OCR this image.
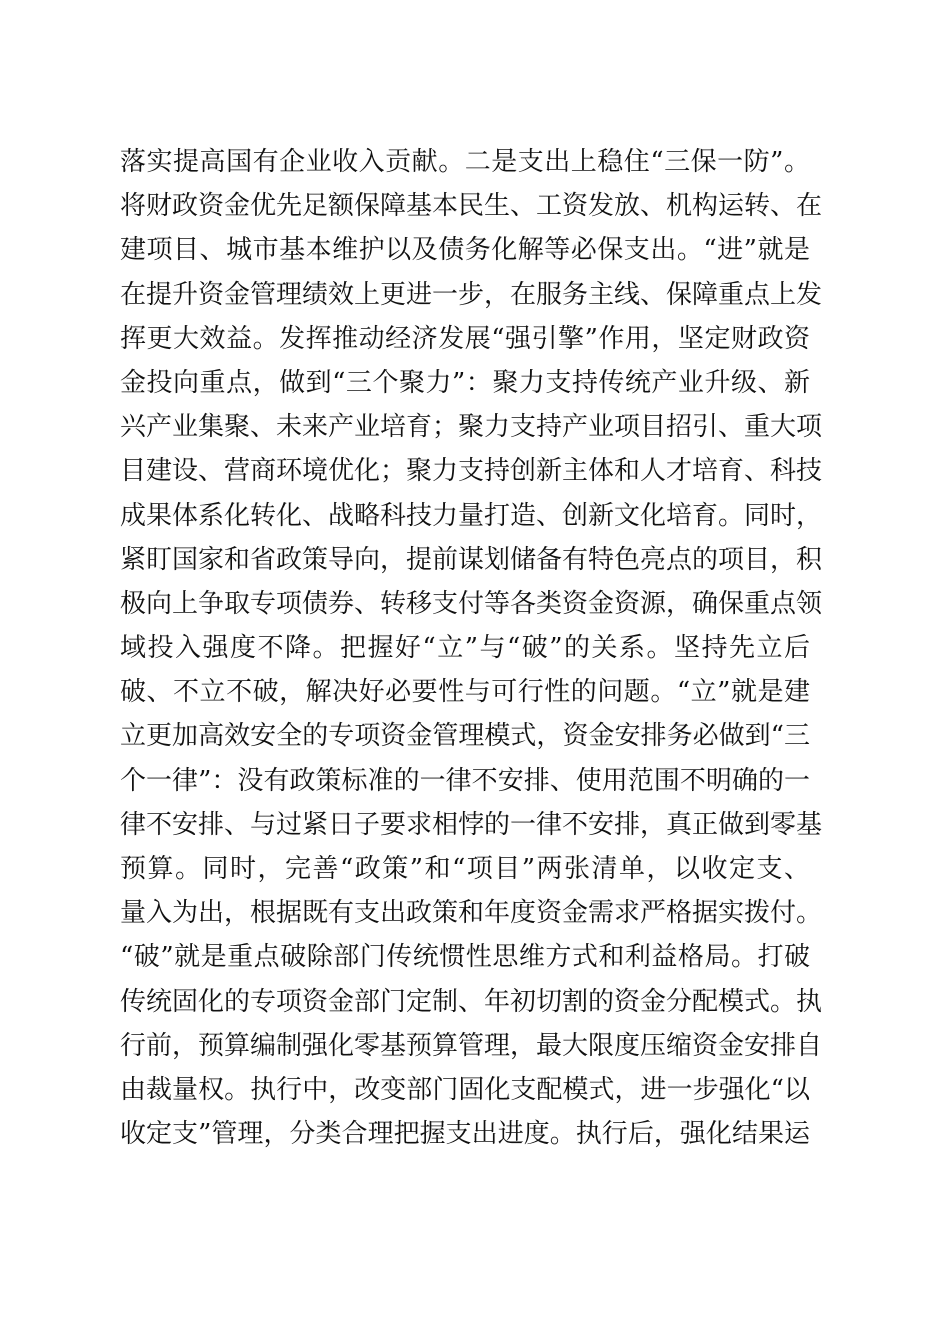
落实提高国有企业收入贡献。二是支出上稳住“三保一防”。
将财政资金优先足额保障基本民生、工资发放、机构运转、在
建项目、城市基本维护以及债务化解等必保支出。“进”就是
在提升资金管理绩效上更进一步，在服务主线、保障重点上发
挥更大效益。发挥推动经济发展“强引擎”作用，坚定财政资
金投向重点，做到“三个聚力”：聚力支持传统产业升级、新
兴产业集聚、未来产业培育；聚力支持产业项目招引、重大项
目建设、营商环境优化；聚力支持创新主体和人才培育、科技
成果体系化转化、战略科技力量打造、创新文化培育。同时，
紧盯国家和省政策导向，提前谋划储备有特色亮点的项目，积
极向上争取专项债券、转移支付等各类资金资源，确保重点领
域投入强度不降。把握好“立”与“破”的关系。坚持先立后
破、不立不破，解决好必要性与可行性的问题。“立”就是建
立更加高效安全的专项资金管理模式，资金安排务必做到“三
个一律”：没有政策标准的一律不安排、使用范围不明确的一
律不安排、与过紧日子要求相悖的一律不安排，真正做到零基
预算。同时，完善“政策”和“项目”两张清单，以收定支、
量入为出，根据既有支出政策和年度资金需求严格据实拨付。
“破”就是重点破除部门传统惯性思维方式和利益格局。打破
传统固化的专项资金部门定制、年初切割的资金分配模式。执
行前，预算编制强化零基预算管理，最大限度压缩资金安排自
由裁量权。执行中，改变部门固化支配模式，进一步强化“以
收定支”管理，分类合理把握支出进度。执行后，强化结果运
